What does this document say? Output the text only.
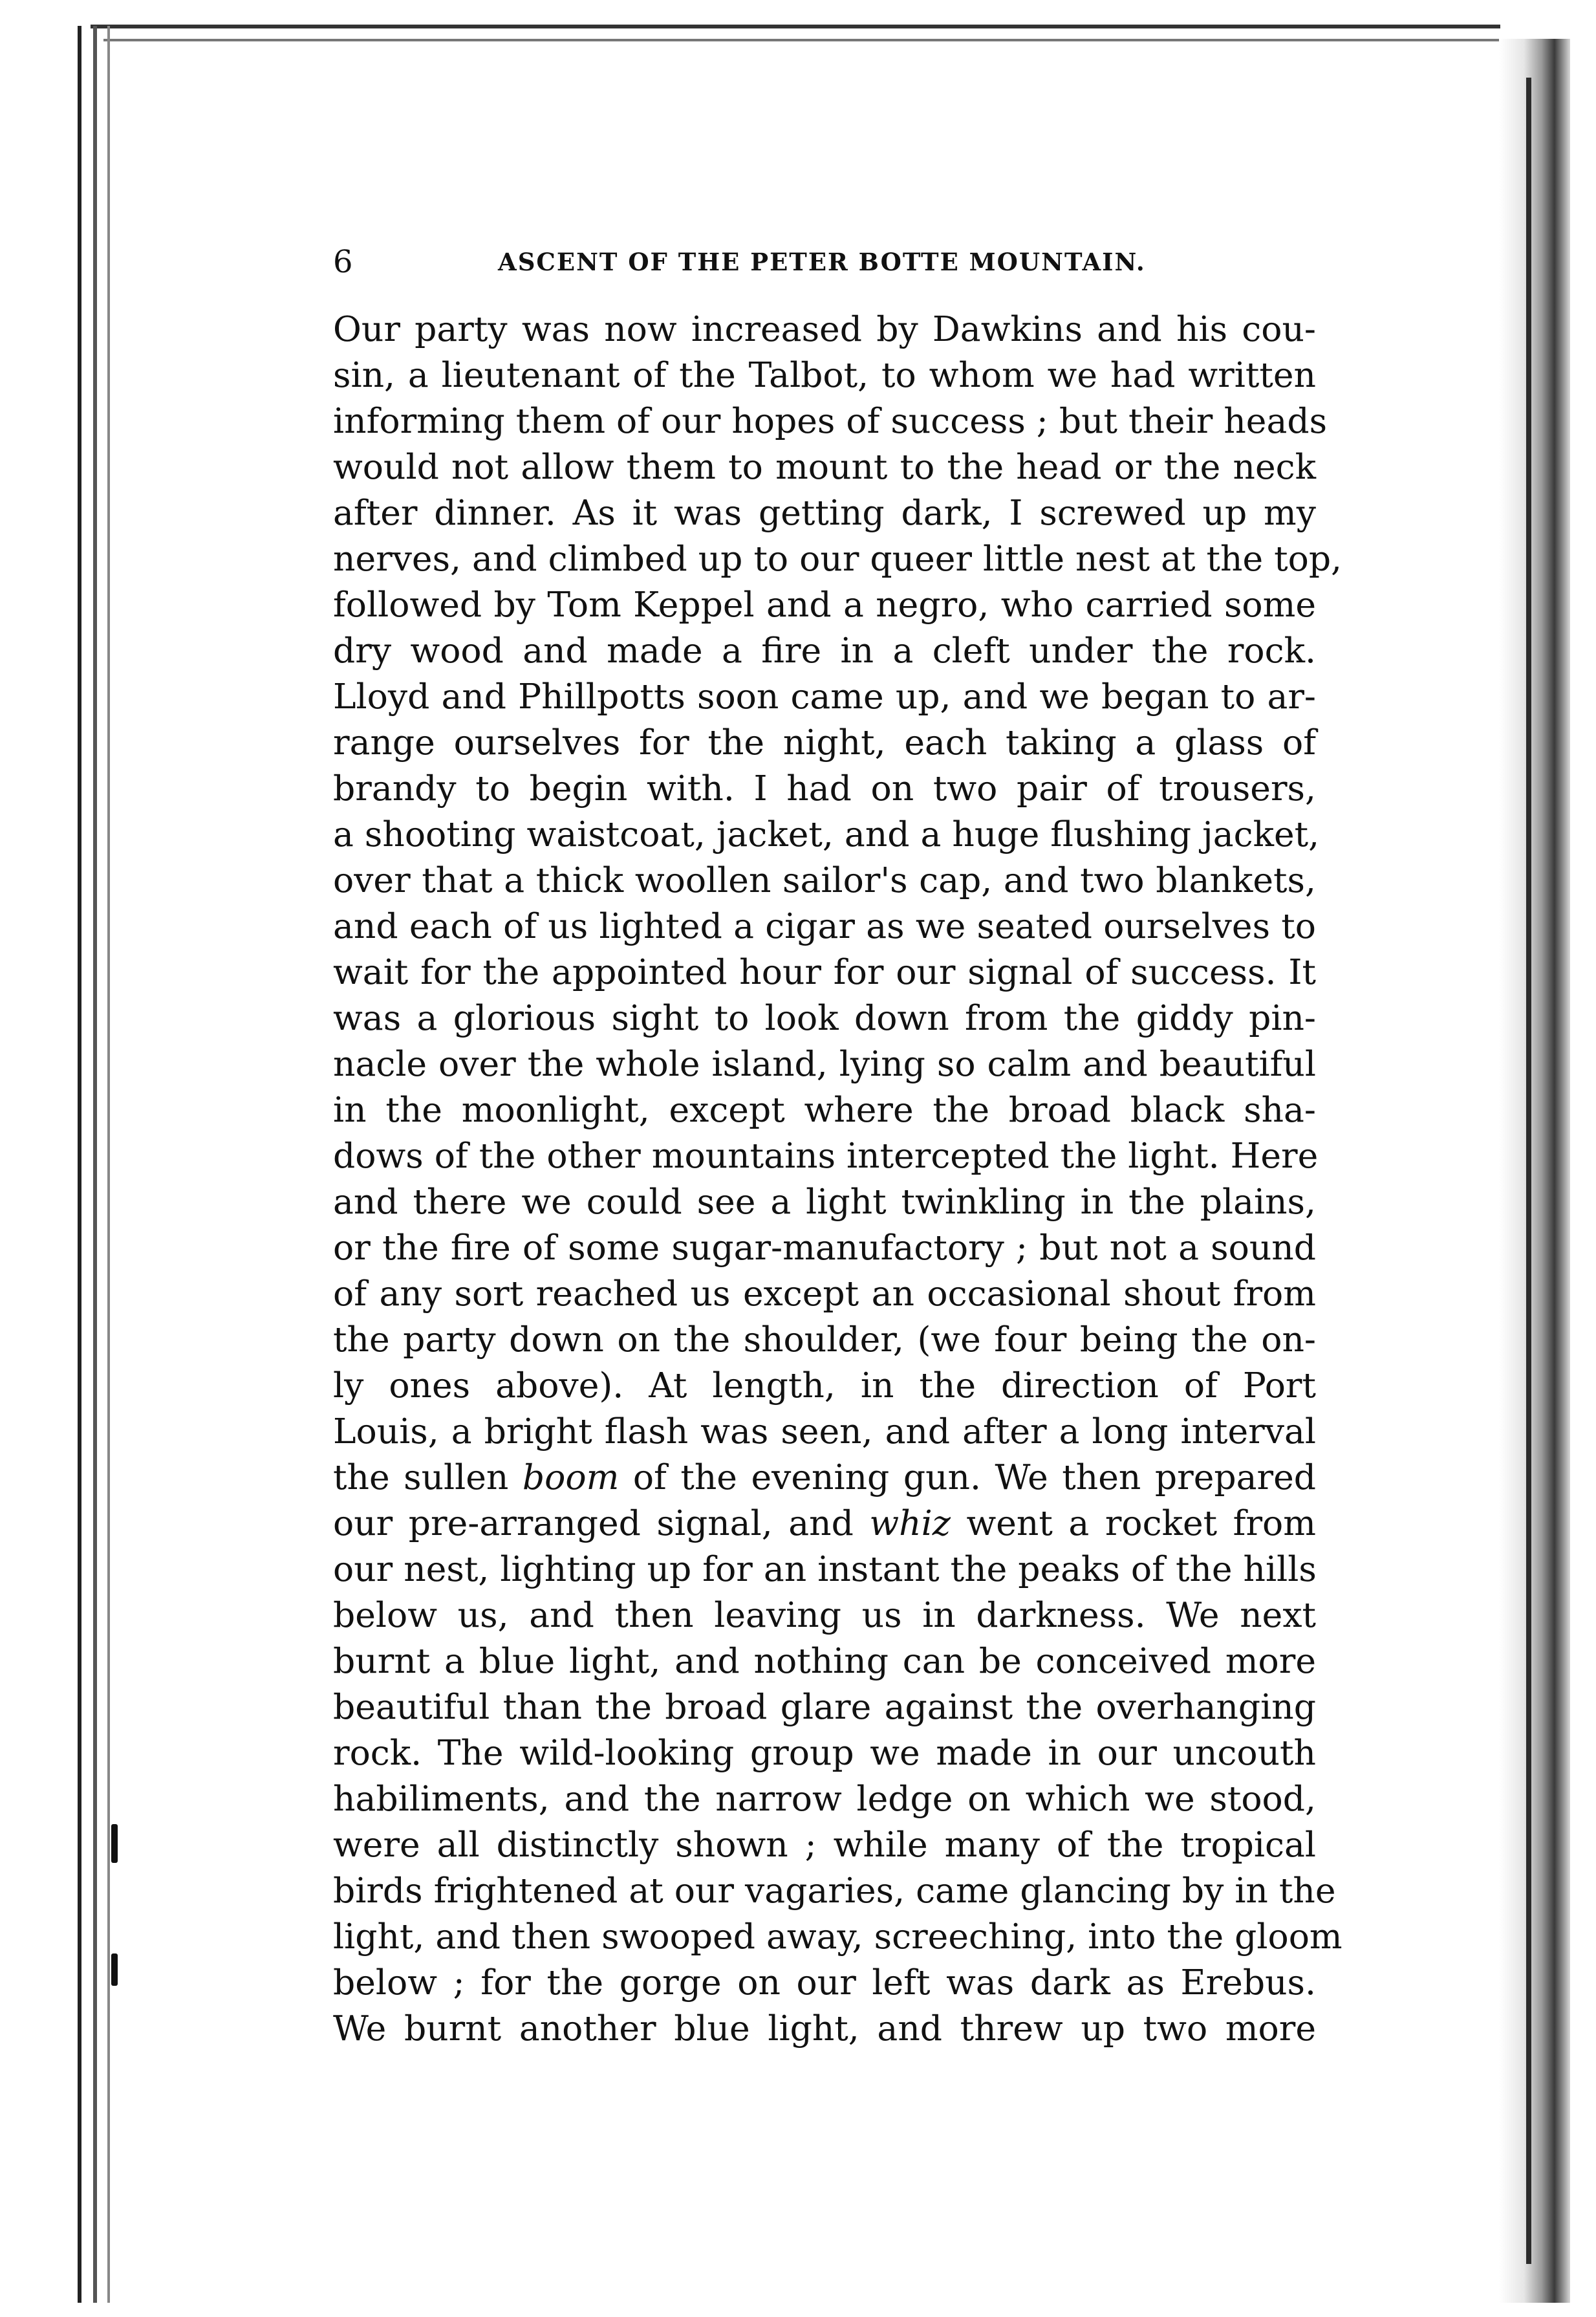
6	ASCENT OF THE PETER BOTTE MOUNTAIN.
Our party was now increased by Dawkins and his cou-
sin, a lieutenant of the Talbot, to whom we had written
informing them of our hopes of success ; but their heads
would not allow them to mount to the head or the neck
after dinner. As it was getting dark, I screwed up my
nerves, and climbed up to our queer little nest at the top,
followed by Tom Keppel and a negro, who carried some
dry wood and made a fire in a cleft under the rock.
Lloyd and Phillpotts soon came up, and we began to ar-
range ourselves for the night, each taking a glass of
brandy to begin with. I had on two pair of trousers,
a shooting waistcoat, jacket, and a huge flushing jacket,
over that a thick woollen sailor's cap, and two blankets,
and each of us lighted a cigar as we seated ourselves to
wait for the appointed hour for our signal of success. It
was a glorious sight to look down from the giddy pin-
nacle over the whole island, lying so calm and beautiful
in the moonlight, except where the broad black sha-
dows of the other mountains intercepted the light. Here
and there we could see a light twinkling in the plains,
or the fire of some sugar-manufactory ; but not a sound
of any sort reached us except an occasional shout from
the party down on the shoulder, (we four being the on-
ly ones above). At length, in the direction of Port
Louis, a bright flash was seen, and after a long interval
the sullen boom of the evening gun. We then prepared
our pre-arranged signal, and whiz went a rocket from
our nest, lighting up for an instant the peaks of the hills
below us, and then leaving us in darkness. We next
burnt a blue light, and nothing can be conceived more
beautiful than the broad glare against the overhanging
rock. The wild-looking group we made in our uncouth
habiliments, and the narrow ledge on which we stood,
were all distinctly shown ; while many of the tropical
birds frightened at our vagaries, came glancing by in the
light, and then swooped away, screeching, into the gloom
below ; for the gorge on our left was dark as Erebus.
We burnt another blue light, and threw up two more
